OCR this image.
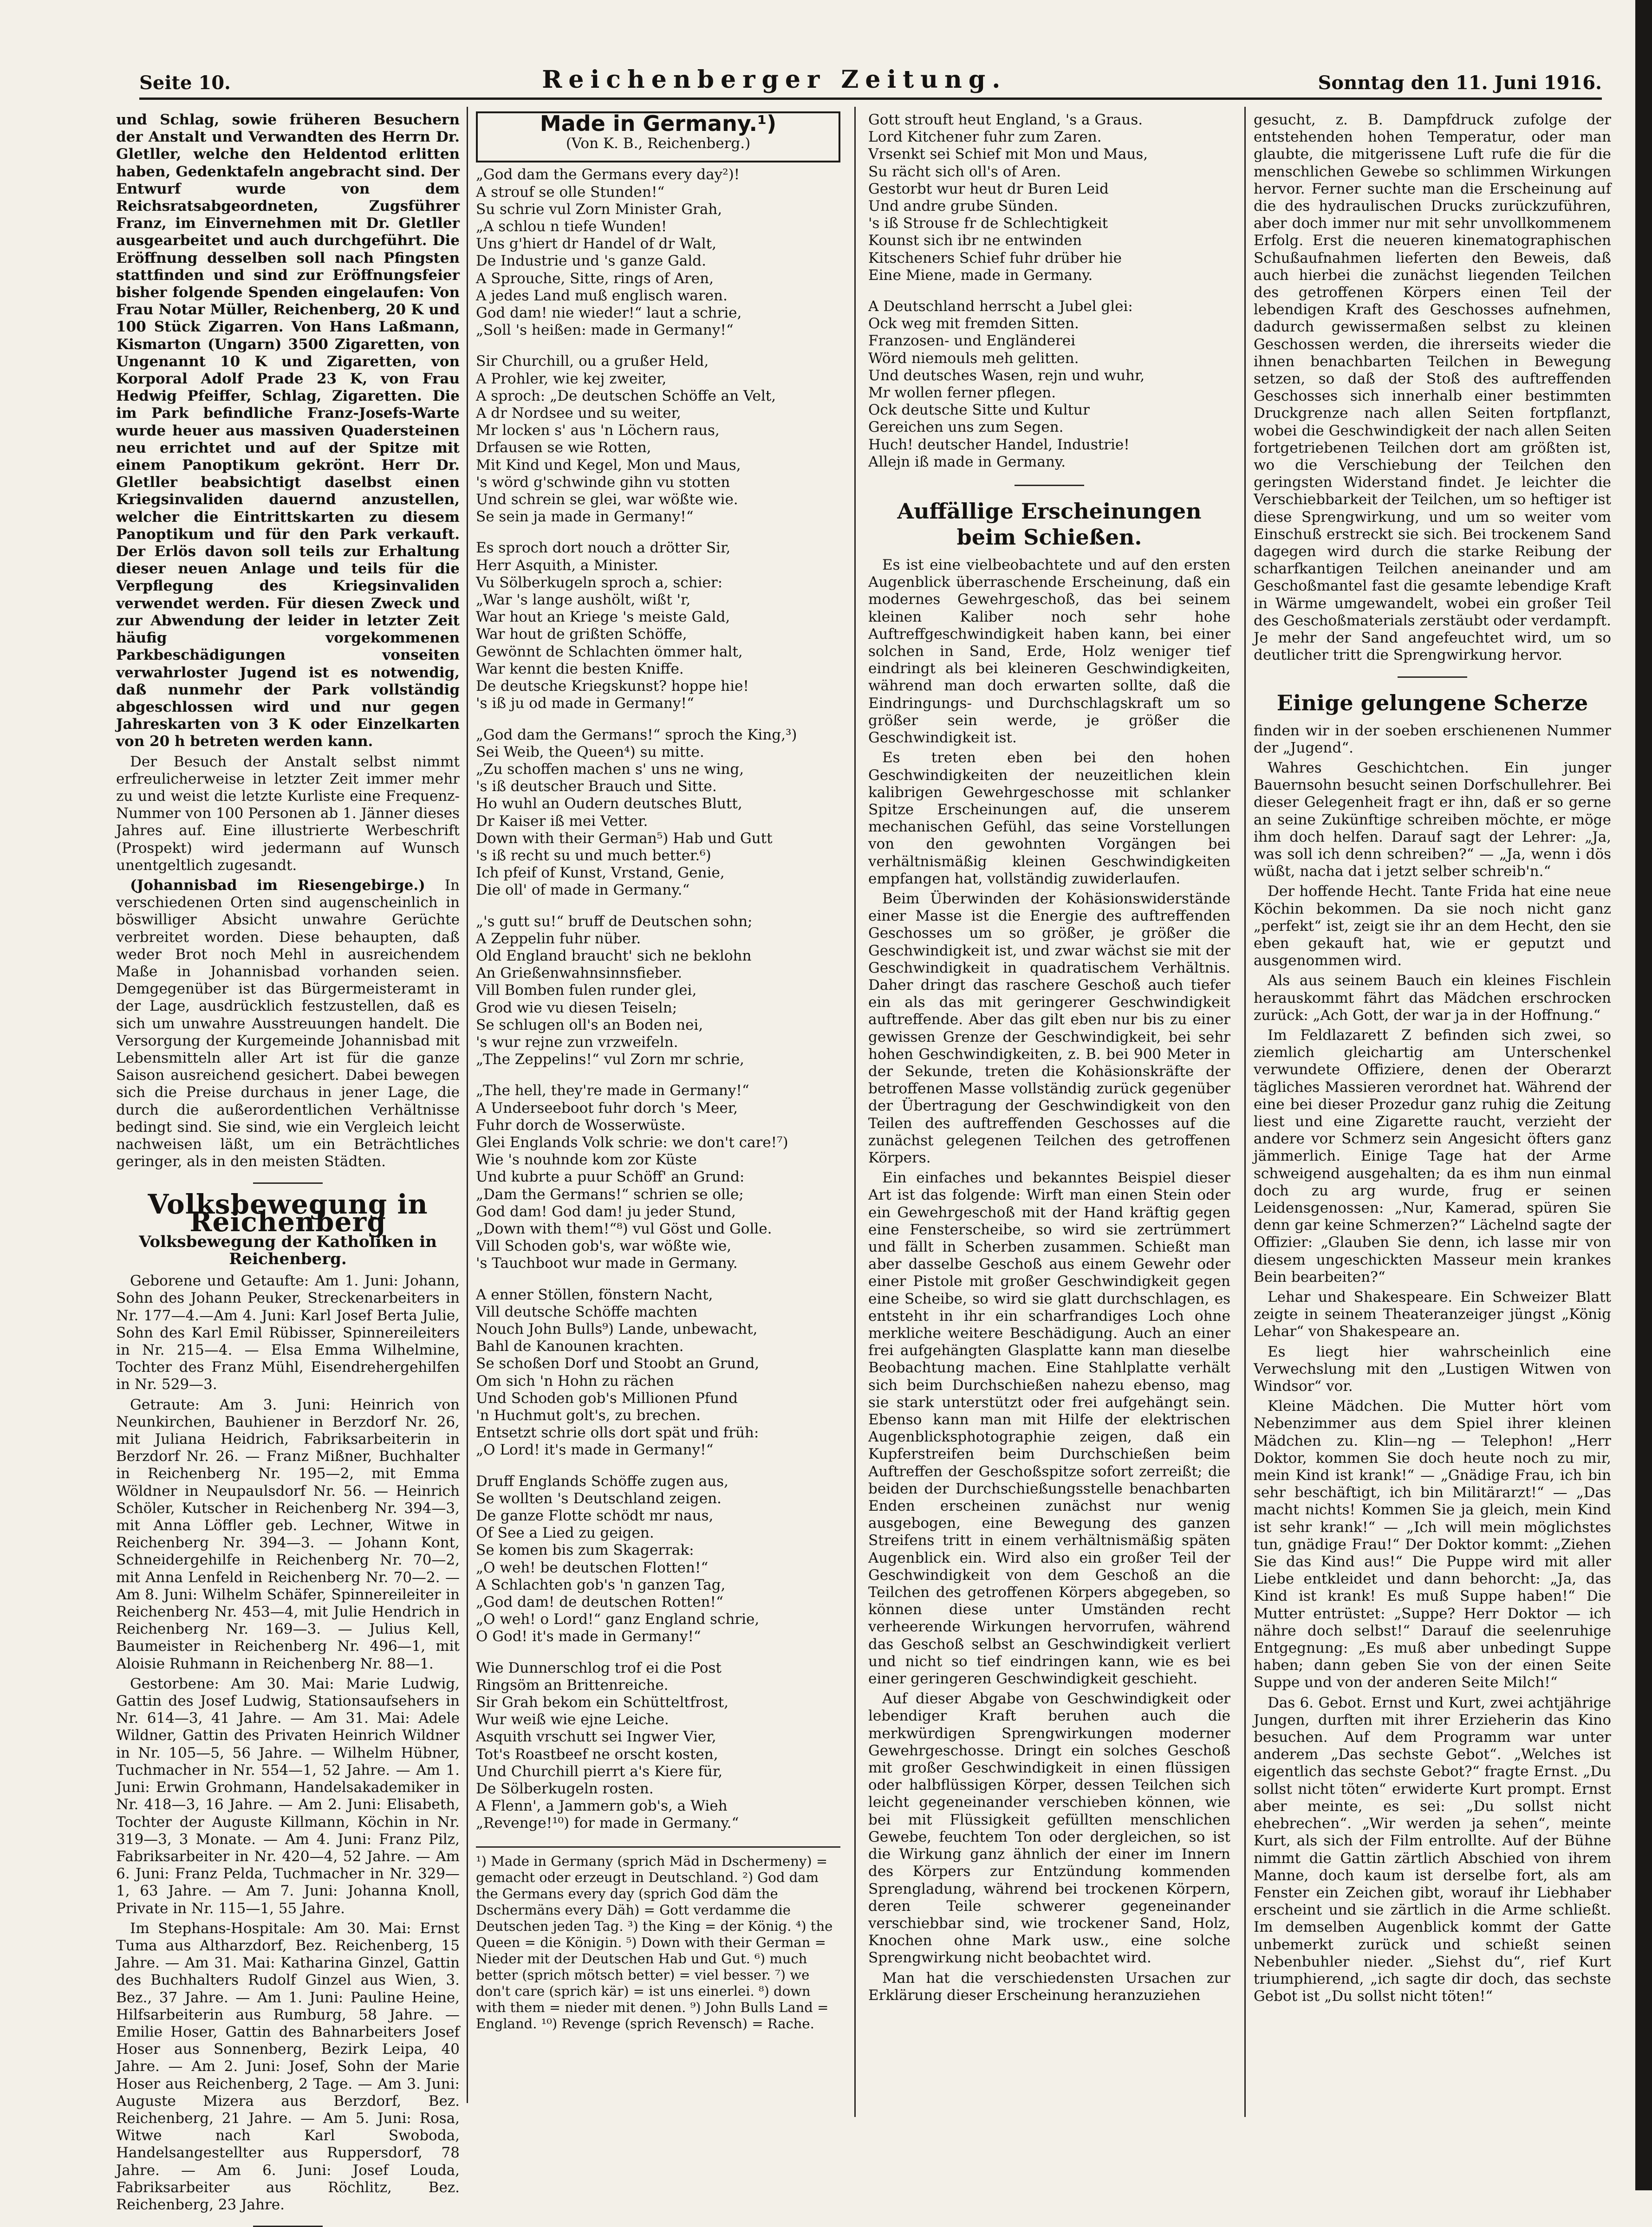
Seite 10.	Reichenberger Zeitung.	Sonntag den 11. Juni 1916.

und Schlag, sowie früheren Besuchern der Anstalt und Verwandten des Herrn Dr. Gletller, welche den Heldentod erlitten haben, Gedenktafeln angebracht sind. Der Entwurf wurde von dem Reichsratsabgeordneten, Zugsführer Franz, im Einvernehmen mit Dr. Gletller ausgearbeitet und auch durchgeführt. Die Eröffnung desselben soll nach Pfingsten stattfinden und sind zur Eröffnungsfeier bisher folgende Spenden eingelaufen: Von Frau Notar Müller, Reichenberg, 20 K und 100 Stück Zigarren. Von Hans Laßmann, Kismarton (Ungarn) 3500 Zigaretten, von Ungenannt 10 K und Zigaretten, von Korporal Adolf Prade 23 K, von Frau Hedwig Pfeiffer, Schlag, Zigaretten. Die im Park befindliche Franz-Josefs-Warte wurde heuer aus massiven Quadersteinen neu errichtet und auf der Spitze mit einem Panoptikum gekrönt. Herr Dr. Gletller beabsichtigt daselbst einen Kriegsinvaliden dauernd anzustellen, welcher die Eintrittskarten zu diesem Panoptikum und für den Park verkauft. Der Erlös davon soll teils zur Erhaltung dieser neuen Anlage und teils für die Verpflegung des Kriegsinvaliden verwendet werden. Für diesen Zweck und zur Abwendung der leider in letzter Zeit häufig vorgekommenen Parkbeschädigungen vonseiten verwahrloster Jugend ist es notwendig, daß nunmehr der Park vollständig abgeschlossen wird und nur gegen Jahreskarten von 3 K oder Einzelkarten von 20 h betreten werden kann.

Der Besuch der Anstalt selbst nimmt erfreulicherweise in letzter Zeit immer mehr zu und weist die letzte Kurliste eine Frequenz-Nummer von 100 Personen ab 1. Jänner dieses Jahres auf. Eine illustrierte Werbeschrift (Prospekt) wird jedermann auf Wunsch unentgeltlich zugesandt.

(Johannisbad im Riesengebirge.) In verschiedenen Orten sind augenscheinlich in böswilliger Absicht unwahre Gerüchte verbreitet worden. Diese behaupten, daß weder Brot noch Mehl in ausreichendem Maße in Johannisbad vorhanden seien. Demgegenüber ist das Bürgermeisteramt in der Lage, ausdrücklich festzustellen, daß es sich um unwahre Ausstreuungen handelt. Die Versorgung der Kurgemeinde Johannisbad mit Lebensmitteln aller Art ist für die ganze Saison ausreichend gesichert. Dabei bewegen sich die Preise durchaus in jener Lage, die durch die außerordentlichen Verhältnisse bedingt sind. Sie sind, wie ein Vergleich leicht nachweisen läßt, um ein Beträchtliches geringer, als in den meisten Städten.

Volksbewegung in Reichenberg
Volksbewegung der Katholiken in Reichenberg.

Geborene und Getaufte: Am 1. Juni: Johann, Sohn des Johann Peuker, Streckenarbeiters in Nr. 177—4.—Am 4. Juni: Karl Josef Berta Julie, Sohn des Karl Emil Rübisser, Spinnereileiters in Nr. 215—4. — Elsa Emma Wilhelmine, Tochter des Franz Mühl, Eisendrehergehilfen in Nr. 529—3.

Getraute: Am 3. Juni: Heinrich von Neunkirchen, Bauhiener in Berzdorf Nr. 26, mit Juliana Heidrich, Fabriksarbeiterin in Berzdorf Nr. 26. — Franz Mißner, Buchhalter in Reichenberg Nr. 195—2, mit Emma Wöldner in Neupaulsdorf Nr. 56. — Heinrich Schöler, Kutscher in Reichenberg Nr. 394—3, mit Anna Löffler geb. Lechner, Witwe in Reichenberg Nr. 394—3. — Johann Kont, Schneidergehilfe in Reichenberg Nr. 70—2, mit Anna Lenfeld in Reichenberg Nr. 70—2. — Am 8. Juni: Wilhelm Schäfer, Spinnereileiter in Reichenberg Nr. 453—4, mit Julie Hendrich in Reichenberg Nr. 169—3. — Julius Kell, Baumeister in Reichenberg Nr. 496—1, mit Aloisie Ruhmann in Reichenberg Nr. 88—1.

Gestorbene: Am 30. Mai: Marie Ludwig, Gattin des Josef Ludwig, Stationsaufsehers in Nr. 614—3, 41 Jahre. — Am 31. Mai: Adele Wildner, Gattin des Privaten Heinrich Wildner in Nr. 105—5, 56 Jahre. — Wilhelm Hübner, Tuchmacher in Nr. 554—1, 52 Jahre. — Am 1. Juni: Erwin Grohmann, Handelsakademiker in Nr. 418—3, 16 Jahre. — Am 2. Juni: Elisabeth, Tochter der Auguste Killmann, Köchin in Nr. 319—3, 3 Monate. — Am 4. Juni: Franz Pilz, Fabriksarbeiter in Nr. 420—4, 52 Jahre. — Am 6. Juni: Franz Pelda, Tuchmacher in Nr. 329—1, 63 Jahre. — Am 7. Juni: Johanna Knoll, Private in Nr. 115—1, 55 Jahre.

Im Stephans-Hospitale: Am 30. Mai: Ernst Tuma aus Altharzdorf, Bez. Reichenberg, 15 Jahre. — Am 31. Mai: Katharina Ginzel, Gattin des Buchhalters Rudolf Ginzel aus Wien, 3. Bez., 37 Jahre. — Am 1. Juni: Pauline Heine, Hilfsarbeiterin aus Rumburg, 58 Jahre. — Emilie Hoser, Gattin des Bahnarbeiters Josef Hoser aus Sonnenberg, Bezirk Leipa, 40 Jahre. — Am 2. Juni: Josef, Sohn der Marie Hoser aus Reichenberg, 2 Tage. — Am 3. Juni: Auguste Mizera aus Berzdorf, Bez. Reichenberg, 21 Jahre. — Am 5. Juni: Rosa, Witwe nach Karl Swoboda, Handelsangestellter aus Ruppersdorf, 78 Jahre. — Am 6. Juni: Josef Louda, Fabriksarbeiter aus Röchlitz, Bez. Reichenberg, 23 Jahre.

Made in Germany.¹)
(Von K. B., Reichenberg.)

„God dam the Germans every day²)!

A strouf se olle Stunden!“

Su schrie vul Zorn Minister Grah,

„A schlou n tiefe Wunden!

Uns g'hiert dr Handel of dr Walt,

De Industrie und 's ganze Gald.

A Sprouche, Sitte, rings of Aren,

A jedes Land muß englisch waren.

God dam! nie wieder!“ laut a schrie,

„Soll 's heißen: made in Germany!“

Sir Churchill, ou a grußer Held,

A Prohler, wie kej zweiter,

A sproch: „De deutschen Schöffe an Velt,

A dr Nordsee und su weiter,

Mr locken s' aus 'n Löchern raus,

Drfausen se wie Rotten,

Mit Kind und Kegel, Mon und Maus,

's wörd g'schwinde gihn vu stotten

Und schrein se glei, war wößte wie.

Se sein ja made in Germany!“

Es sproch dort nouch a drötter Sir,

Herr Asquith, a Minister.

Vu Sölberkugeln sproch a, schier:

„War 's lange aushölt, wißt 'r,

War hout an Kriege 's meiste Gald,

War hout de grißten Schöffe,

Gewönnt de Schlachten ömmer halt,

War kennt die besten Kniffe.

De deutsche Kriegskunst? hoppe hie!

's iß ju od made in Germany!“

„God dam the Germans!“ sproch the King,³)

Sei Weib, the Queen⁴) su mitte.

„Zu schoffen machen s' uns ne wing,

's iß deutscher Brauch und Sitte.

Ho wuhl an Oudern deutsches Blutt,

Dr Kaiser iß mei Vetter.

Down with their German⁵) Hab und Gutt

's iß recht su und much better.⁶)

Ich pfeif of Kunst, Vrstand, Genie,

Die oll' of made in Germany.“

„'s gutt su!“ bruff de Deutschen sohn;

A Zeppelin fuhr nüber.

Old England braucht' sich ne beklohn

An Grießenwahnsinnsfieber.

Vill Bomben fulen runder glei,

Grod wie vu diesen Teiseln;

Se schlugen oll's an Boden nei,

's wur rejne zun vrzweifeln.

„The Zeppelins!“ vul Zorn mr schrie,

„The hell, they're made in Germany!“

A Underseeboot fuhr dorch 's Meer,

Fuhr dorch de Wosserwüste.

Glei Englands Volk schrie: we don't care!⁷)

Wie 's nouhnde kom zor Küste

Und kubrte a puur Schöff' an Grund:

„Dam the Germans!“ schrien se olle;

God dam! God dam! ju jeder Stund,

„Down with them!“⁸) vul Göst und Golle.

Vill Schoden gob's, war wößte wie,

's Tauchboot wur made in Germany.

A enner Stöllen, fönstern Nacht,

Vill deutsche Schöffe machten

Nouch John Bulls⁹) Lande, unbewacht,

Bahl de Kanounen krachten.

Se schoßen Dorf und Stoobt an Grund,

Om sich 'n Hohn zu rächen

Und Schoden gob's Millionen Pfund

'n Huchmut golt's, zu brechen.

Entsetzt schrie olls dort spät und früh:

„O Lord! it's made in Germany!“

Druff Englands Schöffe zugen aus,

Se wollten 's Deutschland zeigen.

De ganze Flotte schödt mr naus,

Of See a Lied zu geigen.

Se komen bis zum Skagerrak:

„O weh! be deutschen Flotten!“

A Schlachten gob's 'n ganzen Tag,

„God dam! de deutschen Rotten!“

„O weh! o Lord!“ ganz England schrie,

O God! it's made in Germany!“

Wie Dunnerschlog trof ei die Post

Ringsöm an Brittenreiche.

Sir Grah bekom ein Schütteltfrost,

Wur weiß wie ejne Leiche.

Asquith vrschutt sei Ingwer Vier,

Tot's Roastbeef ne orscht kosten,

Und Churchill pierrt a's Kiere für,

De Sölberkugeln rosten.

A Flenn', a Jammern gob's, a Wieh

„Revenge!¹⁰) for made in Germany.“

¹) Made in Germany (sprich Mäd in Dschermeny) = gemacht oder erzeugt in Deutschland. ²) God dam the Germans every day (sprich God däm the Dschermäns every Däh) = Gott verdamme die Deutschen jeden Tag. ³) the King = der König. ⁴) the Queen = die Königin. ⁵) Down with their German = Nieder mit der Deutschen Hab und Gut. ⁶) much better (sprich mötsch better) = viel besser. ⁷) we don't care (sprich kär) = ist uns einerlei. ⁸) down with them = nieder mit denen. ⁹) John Bulls Land = England. ¹⁰) Revenge (sprich Revensch) = Rache.

Gott strouft heut England, 's a Graus.

Lord Kitchener fuhr zum Zaren.

Vrsenkt sei Schief mit Mon und Maus,

Su rächt sich oll's of Aren.

Gestorbt wur heut dr Buren Leid

Und andre grube Sünden.

's iß Strouse fr de Schlechtigkeit

Kounst sich ibr ne entwinden

Kitscheners Schief fuhr drüber hie

Eine Miene, made in Germany.

A Deutschland herrscht a Jubel glei:

Ock weg mit fremden Sitten.

Franzosen- und Engländerei

Wörd niemouls meh gelitten.

Und deutsches Wasen, rejn und wuhr,

Mr wollen ferner pflegen.

Ock deutsche Sitte und Kultur

Gereichen uns zum Segen.

Huch! deutscher Handel, Industrie!

Allejn iß made in Germany.

Auffällige Erscheinungen beim Schießen.

Es ist eine vielbeobachtete und auf den ersten Augenblick überraschende Erscheinung, daß ein modernes Gewehrgeschoß, das bei seinem kleinen Kaliber noch sehr hohe Auftreffgeschwindigkeit haben kann, bei einer solchen in Sand, Erde, Holz weniger tief eindringt als bei kleineren Geschwindigkeiten, während man doch erwarten sollte, daß die Eindringungs- und Durchschlagskraft um so größer sein werde, je größer die Geschwindigkeit ist.

Es treten eben bei den hohen Geschwindigkeiten der neuzeitlichen klein kalibrigen Gewehrgeschosse mit schlanker Spitze Erscheinungen auf, die unserem mechanischen Gefühl, das seine Vorstellungen von den gewohnten Vorgängen bei verhältnismäßig kleinen Geschwindigkeiten empfangen hat, vollständig zuwiderlaufen.

Beim Überwinden der Kohäsionswiderstände einer Masse ist die Energie des auftreffenden Geschosses um so größer, je größer die Geschwindigkeit ist, und zwar wächst sie mit der Geschwindigkeit in quadratischem Verhältnis. Daher dringt das raschere Geschoß auch tiefer ein als das mit geringerer Geschwindigkeit auftreffende. Aber das gilt eben nur bis zu einer gewissen Grenze der Geschwindigkeit, bei sehr hohen Geschwindigkeiten, z. B. bei 900 Meter in der Sekunde, treten die Kohäsionskräfte der betroffenen Masse vollständig zurück gegenüber der Übertragung der Geschwindigkeit von den Teilen des auftreffenden Geschosses auf die zunächst gelegenen Teilchen des getroffenen Körpers.

Ein einfaches und bekanntes Beispiel dieser Art ist das folgende: Wirft man einen Stein oder ein Gewehrgeschoß mit der Hand kräftig gegen eine Fensterscheibe, so wird sie zertrümmert und fällt in Scherben zusammen. Schießt man aber dasselbe Geschoß aus einem Gewehr oder einer Pistole mit großer Geschwindigkeit gegen eine Scheibe, so wird sie glatt durchschlagen, es entsteht in ihr ein scharfrandiges Loch ohne merkliche weitere Beschädigung. Auch an einer frei aufgehängten Glasplatte kann man dieselbe Beobachtung machen. Eine Stahlplatte verhält sich beim Durchschießen nahezu ebenso, mag sie stark unterstützt oder frei aufgehängt sein. Ebenso kann man mit Hilfe der elektrischen Augenblicksphotographie zeigen, daß ein Kupferstreifen beim Durchschießen beim Auftreffen der Geschoßspitze sofort zerreißt; die beiden der Durchschießungsstelle benachbarten Enden erscheinen zunächst nur wenig ausgebogen, eine Bewegung des ganzen Streifens tritt in einem verhältnismäßig späten Augenblick ein. Wird also ein großer Teil der Geschwindigkeit von dem Geschoß an die Teilchen des getroffenen Körpers abgegeben, so können diese unter Umständen recht verheerende Wirkungen hervorrufen, während das Geschoß selbst an Geschwindigkeit verliert und nicht so tief eindringen kann, wie es bei einer geringeren Geschwindigkeit geschieht.

Auf dieser Abgabe von Geschwindigkeit oder lebendiger Kraft beruhen auch die merkwürdigen Sprengwirkungen moderner Gewehrgeschosse. Dringt ein solches Geschoß mit großer Geschwindigkeit in einen flüssigen oder halbflüssigen Körper, dessen Teilchen sich leicht gegeneinander verschieben können, wie bei mit Flüssigkeit gefüllten menschlichen Gewebe, feuchtem Ton oder dergleichen, so ist die Wirkung ganz ähnlich der einer im Innern des Körpers zur Entzündung kommenden Sprengladung, während bei trockenen Körpern, deren Teile schwerer gegeneinander verschiebbar sind, wie trockener Sand, Holz, Knochen ohne Mark usw., eine solche Sprengwirkung nicht beobachtet wird.

Man hat die verschiedensten Ursachen zur Erklärung dieser Erscheinung heranzuziehen

gesucht, z. B. Dampfdruck zufolge der entstehenden hohen Temperatur, oder man glaubte, die mitgerissene Luft rufe die für die menschlichen Gewebe so schlimmen Wirkungen hervor. Ferner suchte man die Erscheinung auf die des hydraulischen Drucks zurückzuführen, aber doch immer nur mit sehr unvollkommenem Erfolg. Erst die neueren kinematographischen Schußaufnahmen lieferten den Beweis, daß auch hierbei die zunächst liegenden Teilchen des getroffenen Körpers einen Teil der lebendigen Kraft des Geschosses aufnehmen, dadurch gewissermaßen selbst zu kleinen Geschossen werden, die ihrerseits wieder die ihnen benachbarten Teilchen in Bewegung setzen, so daß der Stoß des auftreffenden Geschosses sich innerhalb einer bestimmten Druckgrenze nach allen Seiten fortpflanzt, wobei die Geschwindigkeit der nach allen Seiten fortgetriebenen Teilchen dort am größten ist, wo die Verschiebung der Teilchen den geringsten Widerstand findet. Je leichter die Verschiebbarkeit der Teilchen, um so heftiger ist diese Sprengwirkung, und um so weiter vom Einschuß erstreckt sie sich. Bei trockenem Sand dagegen wird durch die starke Reibung der scharfkantigen Teilchen aneinander und am Geschoßmantel fast die gesamte lebendige Kraft in Wärme umgewandelt, wobei ein großer Teil des Geschoßmaterials zerstäubt oder verdampft. Je mehr der Sand angefeuchtet wird, um so deutlicher tritt die Sprengwirkung hervor.

Einige gelungene Scherze

finden wir in der soeben erschienenen Nummer der „Jugend“.

Wahres Geschichtchen. Ein junger Bauernsohn besucht seinen Dorfschullehrer. Bei dieser Gelegenheit fragt er ihn, daß er so gerne an seine Zukünftige schreiben möchte, er möge ihm doch helfen. Darauf sagt der Lehrer: „Ja, was soll ich denn schreiben?“ — „Ja, wenn i dös wüßt, nacha dat i jetzt selber schreib'n.“

Der hoffende Hecht. Tante Frida hat eine neue Köchin bekommen. Da sie noch nicht ganz „perfekt“ ist, zeigt sie ihr an dem Hecht, den sie eben gekauft hat, wie er geputzt und ausgenommen wird.

Als aus seinem Bauch ein kleines Fischlein herauskommt fährt das Mädchen erschrocken zurück: „Ach Gott, der war ja in der Hoffnung.“

Im Feldlazarett Z befinden sich zwei, so ziemlich gleichartig am Unterschenkel verwundete Offiziere, denen der Oberarzt tägliches Massieren verordnet hat. Während der eine bei dieser Prozedur ganz ruhig die Zeitung liest und eine Zigarette raucht, verzieht der andere vor Schmerz sein Angesicht öfters ganz jämmerlich. Einige Tage hat der Arme schweigend ausgehalten; da es ihm nun einmal doch zu arg wurde, frug er seinen Leidensgenossen: „Nur, Kamerad, spüren Sie denn gar keine Schmerzen?“ Lächelnd sagte der Offizier: „Glauben Sie denn, ich lasse mir von diesem ungeschickten Masseur mein krankes Bein bearbeiten?“

Lehar und Shakespeare. Ein Schweizer Blatt zeigte in seinem Theateranzeiger jüngst „König Lehar“ von Shakespeare an.

Es liegt hier wahrscheinlich eine Verwechslung mit den „Lustigen Witwen von Windsor“ vor.

Kleine Mädchen. Die Mutter hört vom Nebenzimmer aus dem Spiel ihrer kleinen Mädchen zu. Klin—ng — Telephon! „Herr Doktor, kommen Sie doch heute noch zu mir, mein Kind ist krank!“ — „Gnädige Frau, ich bin sehr beschäftigt, ich bin Militärarzt!“ — „Das macht nichts! Kommen Sie ja gleich, mein Kind ist sehr krank!“ — „Ich will mein möglichstes tun, gnädige Frau!“ Der Doktor kommt: „Ziehen Sie das Kind aus!“ Die Puppe wird mit aller Liebe entkleidet und dann behorcht: „Ja, das Kind ist krank! Es muß Suppe haben!“ Die Mutter entrüstet: „Suppe? Herr Doktor — ich nähre doch selbst!“ Darauf die seelenruhige Entgegnung: „Es muß aber unbedingt Suppe haben; dann geben Sie von der einen Seite Suppe und von der anderen Seite Milch!“

Das 6. Gebot. Ernst und Kurt, zwei achtjährige Jungen, durften mit ihrer Erzieherin das Kino besuchen. Auf dem Programm war unter anderem „Das sechste Gebot“. „Welches ist eigentlich das sechste Gebot?“ fragte Ernst. „Du sollst nicht töten“ erwiderte Kurt prompt. Ernst aber meinte, es sei: „Du sollst nicht ehebrechen“. „Wir werden ja sehen“, meinte Kurt, als sich der Film entrollte. Auf der Bühne nimmt die Gattin zärtlich Abschied von ihrem Manne, doch kaum ist derselbe fort, als am Fenster ein Zeichen gibt, worauf ihr Liebhaber erscheint und sie zärtlich in die Arme schließt. Im demselben Augenblick kommt der Gatte unbemerkt zurück und schießt seinen Nebenbuhler nieder. „Siehst du“, rief Kurt triumphierend, „ich sagte dir doch, das sechste Gebot ist „Du sollst nicht töten!“
